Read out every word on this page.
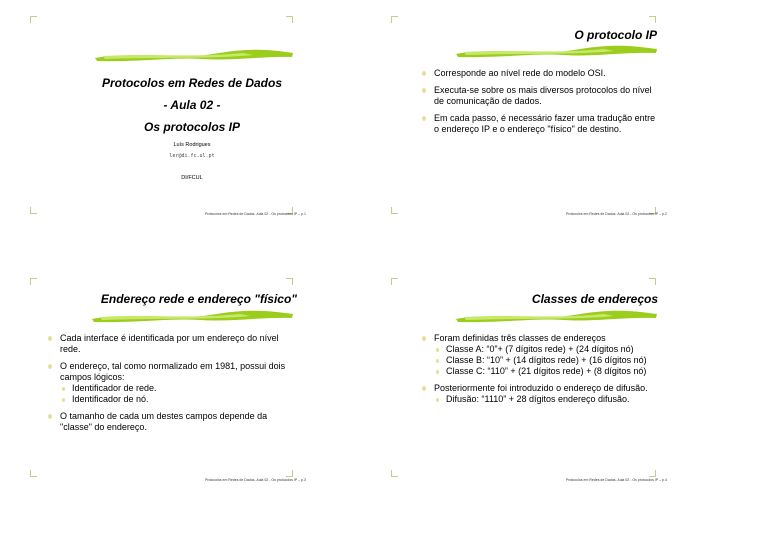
Protocolos em Redes de Dados
- Aula 02 -
Os protocolos IP
Luís Rodrigues
ler@di.fc.ul.pt
DI/FCUL
Protocolos em Redes de Dados- Aula 02 - Os protocolos IP – p.1
O protocolo IP
Corresponde ao nível rede do modelo OSI.
Executa-se sobre os mais diversos protocolos do nível de comunicação de dados.
Em cada passo, é necessário fazer uma tradução entre o endereço IP e o endereço "físico" de destino.
Protocolos em Redes de Dados- Aula 02 - Os protocolos IP – p.2
Endereço rede e endereço "físico"
Cada interface é identificada por um endereço do nível rede.
O endereço, tal como normalizado em 1981, possui dois campos lógicos:
Identificador de rede.
Identificador de nó.
O tamanho de cada um destes campos depende da "classe" do endereço.
Protocolos em Redes de Dados- Aula 02 - Os protocolos IP – p.3
Classes de endereços
Foram definidas três classes de endereços
Classe A: “0”+ (7 dígitos rede) + (24 dígitos nó)
Classe B: “10” + (14 dígitos rede) + (16 dígitos nó)
Classe C: “110” + (21 dígitos rede) + (8 dígitos nó)
Posteriormente foi introduzido o endereço de difusão.
Difusão: “1110” + 28 dígitos endereço difusão.
Protocolos em Redes de Dados- Aula 02 - Os protocolos IP – p.4
